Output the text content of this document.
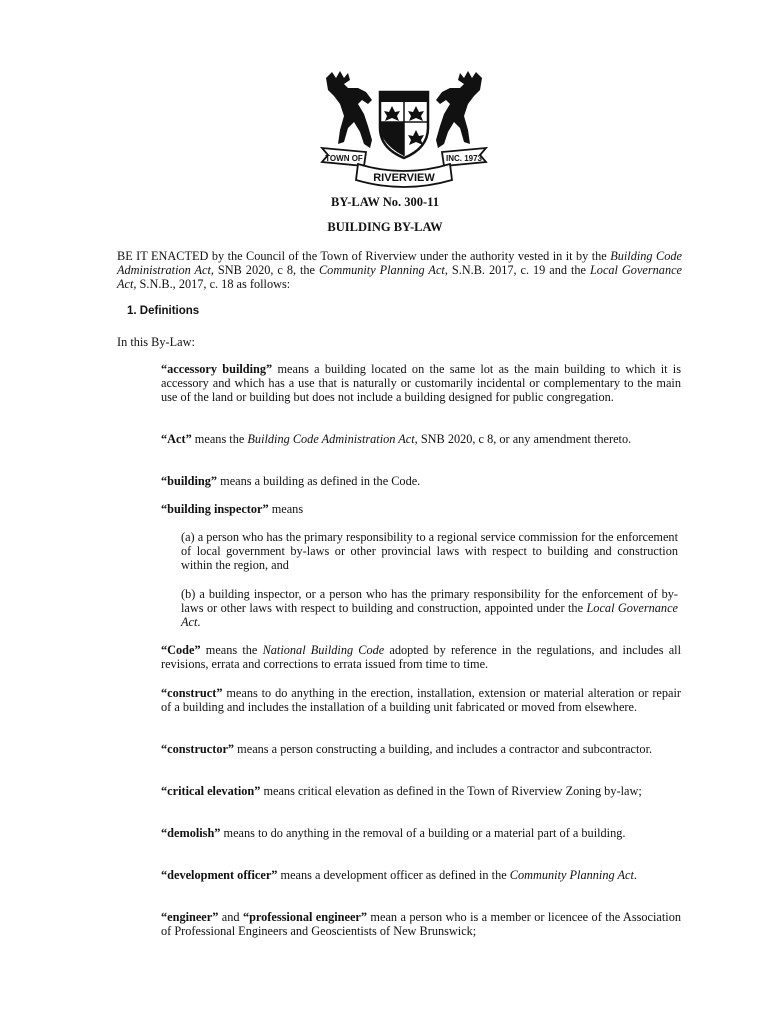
TOWN OF	INC. 1973
RIVERVIEW
BY-LAW No. 300-11
BUILDING BY-LAW

BE IT ENACTED by the Council of the Town of Riverview under the authority vested in it by the Building Code Administration Act, SNB 2020, c 8, the Community Planning Act, S.N.B. 2017, c. 19 and the Local Governance Act, S.N.B., 2017, c. 18 as follows:

1. Definitions
In this By-Law:

“accessory building” means a building located on the same lot as the main building to which it is accessory and which has a use that is naturally or customarily incidental or complementary to the main use of the land or building but does not include a building designed for public congregation.

“Act” means the Building Code Administration Act, SNB 2020, c 8, or any amendment thereto.

“building” means a building as defined in the Code.

“building inspector” means

(a) a person who has the primary responsibility to a regional service commission for the enforcement of local government by-laws or other provincial laws with respect to building and construction within the region, and

(b) a building inspector, or a person who has the primary responsibility for the enforcement of by-laws or other laws with respect to building and construction, appointed under the Local Governance Act.

“Code” means the National Building Code adopted by reference in the regulations, and includes all revisions, errata and corrections to errata issued from time to time.

“construct” means to do anything in the erection, installation, extension or material alteration or repair of a building and includes the installation of a building unit fabricated or moved from elsewhere.

“constructor” means a person constructing a building, and includes a contractor and subcontractor.

“critical elevation” means critical elevation as defined in the Town of Riverview Zoning by-law;

“demolish” means to do anything in the removal of a building or a material part of a building.

“development officer” means a development officer as defined in the Community Planning Act.

“engineer” and “professional engineer” mean a person who is a member or licencee of the Association of Professional Engineers and Geoscientists of New Brunswick;
